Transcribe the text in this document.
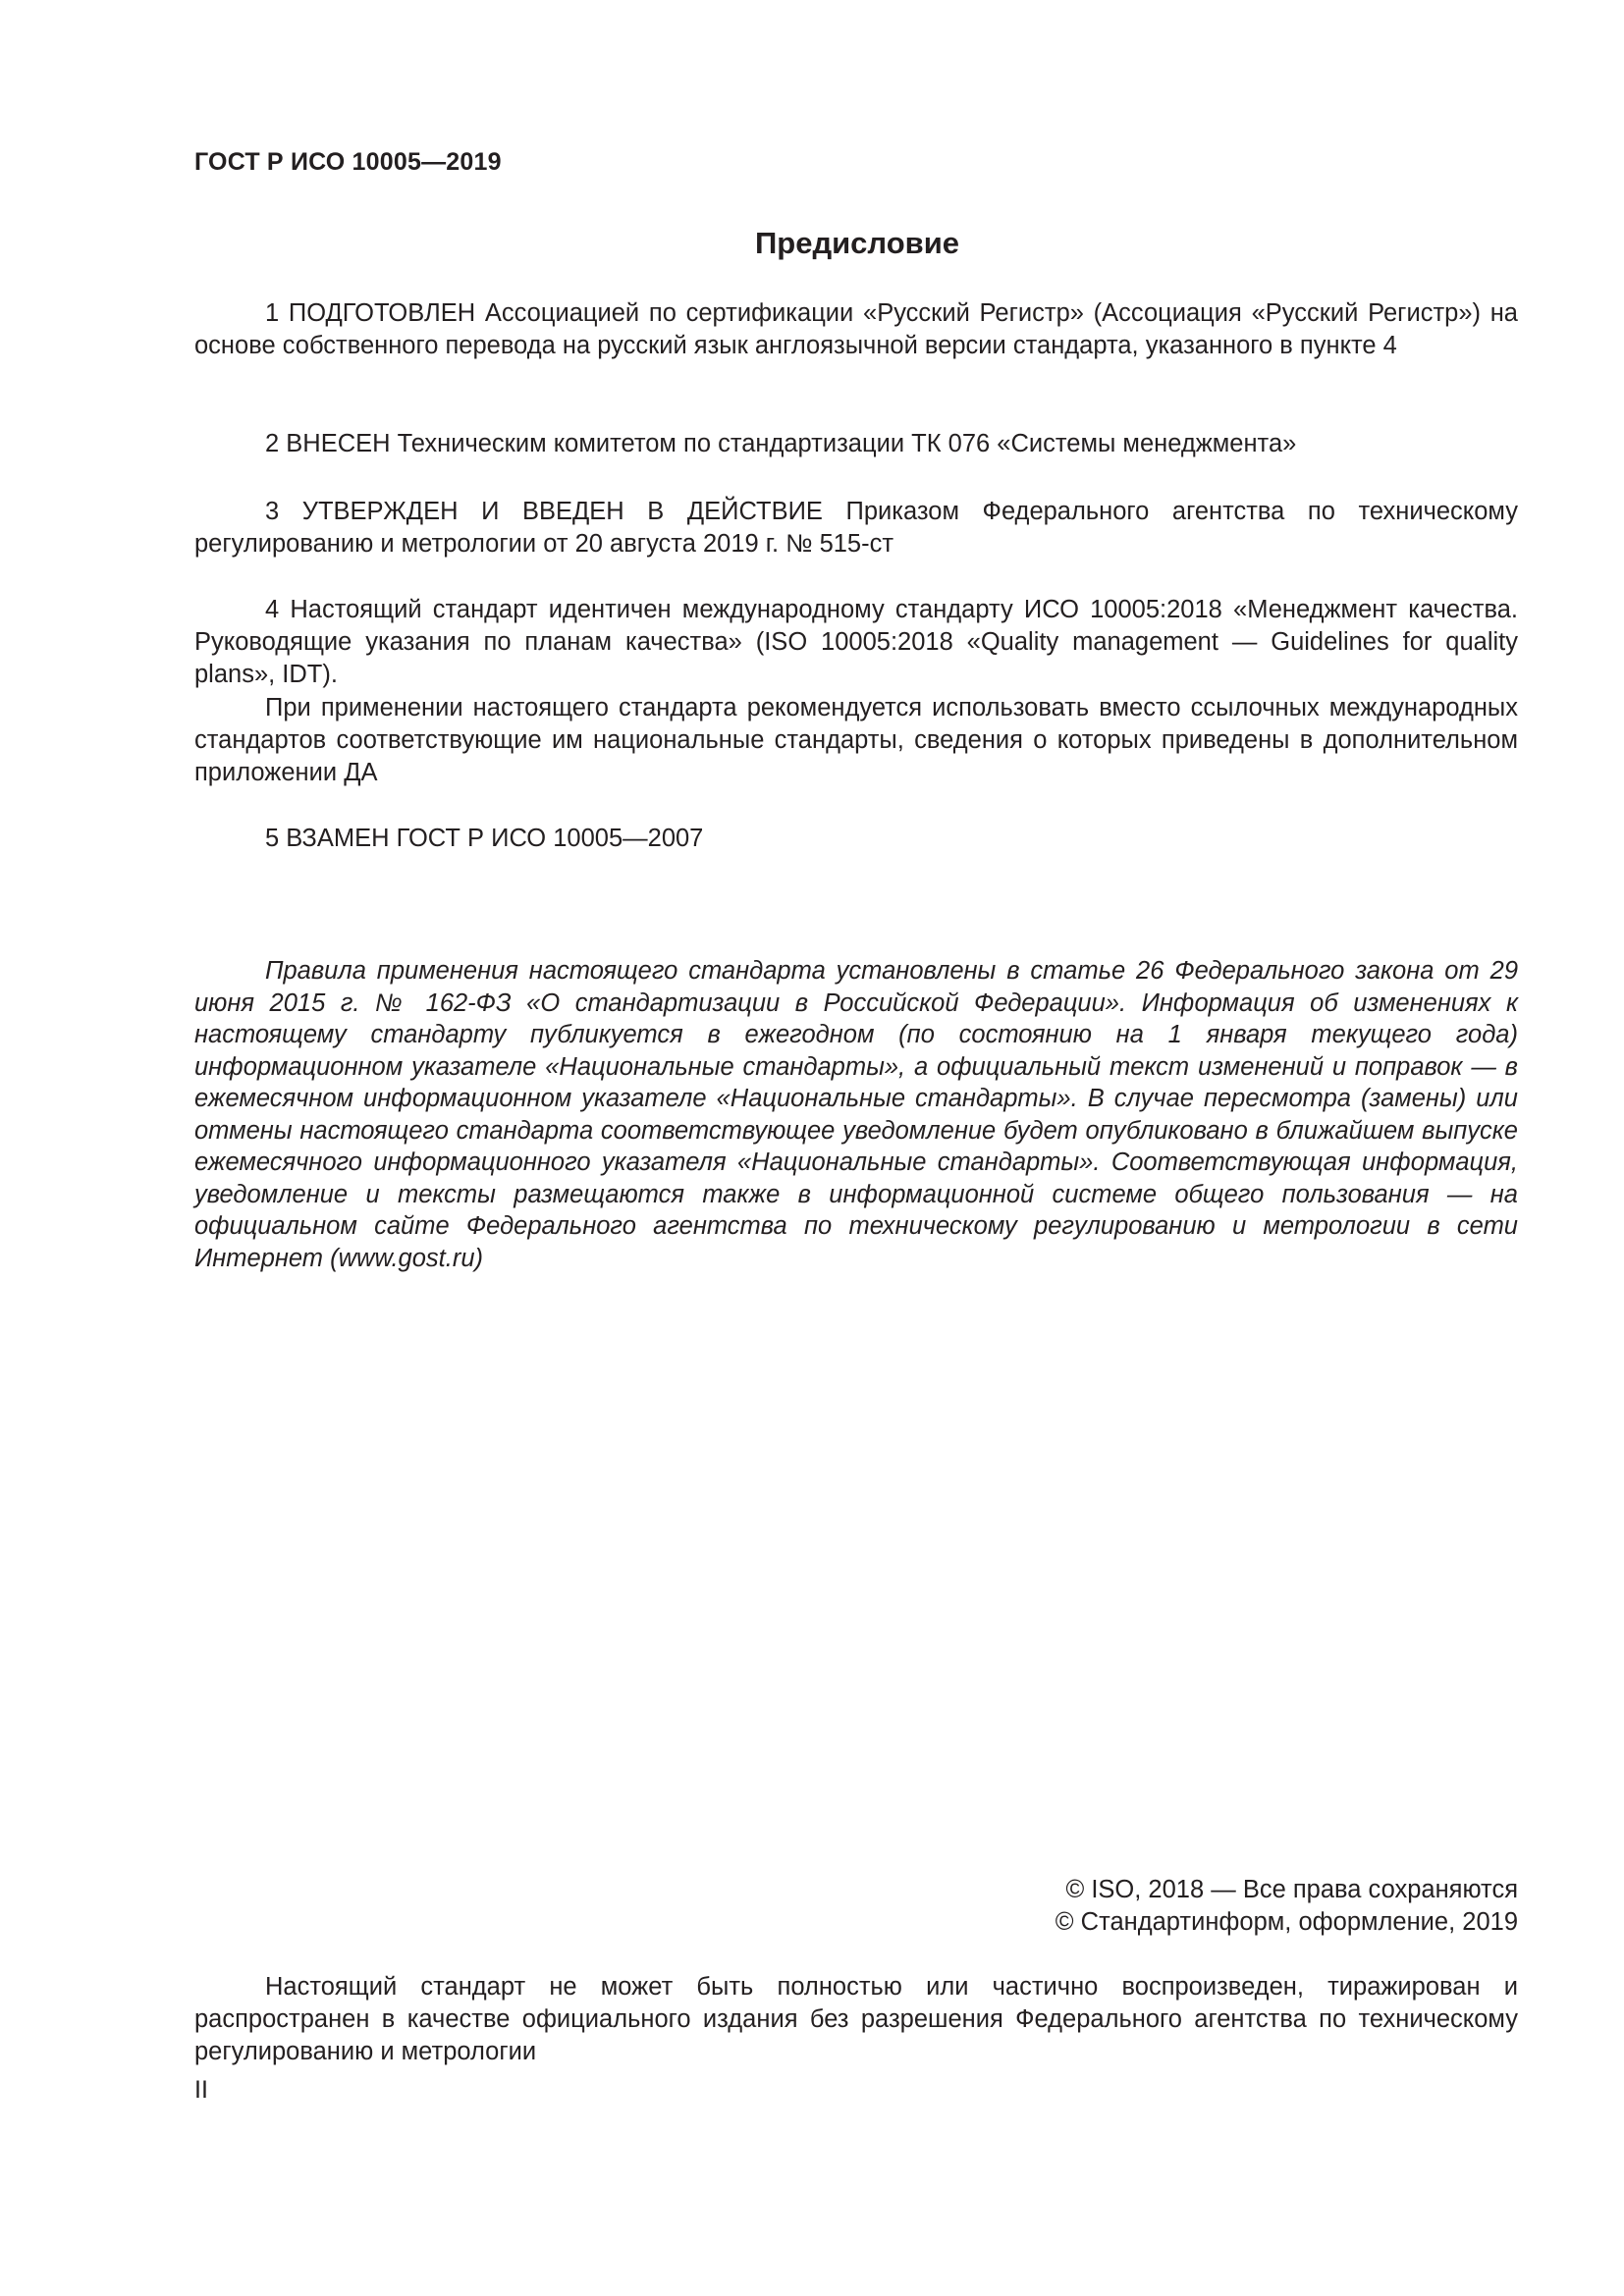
ГОСТ Р ИСО 10005—2019
Предисловие

1 ПОДГОТОВЛЕН Ассоциацией по сертификации «Русский Регистр» (Ассоциация «Русский Регистр») на основе собственного перевода на русский язык англоязычной версии стандарта, указанного в пункте 4

2 ВНЕСЕН Техническим комитетом по стандартизации ТК 076 «Системы менеджмента»

3 УТВЕРЖДЕН И ВВЕДЕН В ДЕЙСТВИЕ Приказом Федерального агентства по техническому регулированию и метрологии от 20 августа 2019 г. № 515-ст

4 Настоящий стандарт идентичен международному стандарту ИСО 10005:2018 «Менеджмент качества. Руководящие указания по планам качества» (ISO 10005:2018 «Quality management — Guidelines for quality plans», IDT).

При применении настоящего стандарта рекомендуется использовать вместо ссылочных международных стандартов соответствующие им национальные стандарты, сведения о которых приведены в дополнительном приложении ДА

5 ВЗАМЕН ГОСТ Р ИСО 10005—2007

Правила применения настоящего стандарта установлены в статье 26 Федерального закона от 29 июня 2015 г. № 162-ФЗ «О стандартизации в Российской Федерации». Информация об изменениях к настоящему стандарту публикуется в ежегодном (по состоянию на 1 января текущего года) информационном указателе «Национальные стандарты», а официальный текст изменений и поправок — в ежемесячном информационном указателе «Национальные стандарты». В случае пересмотра (замены) или отмены настоящего стандарта соответствующее уведомление будет опубликовано в ближайшем выпуске ежемесячного информационного указателя «Национальные стандарты». Соответствующая информация, уведомление и тексты размещаются также в информационной системе общего пользования — на официальном сайте Федерального агентства по техническому регулированию и метрологии в сети Интернет (www.gost.ru)

© ISO, 2018 — Все права сохраняются
© Стандартинформ, оформление, 2019

Настоящий стандарт не может быть полностью или частично воспроизведен, тиражирован и распространен в качестве официального издания без разрешения Федерального агентства по техническому регулированию и метрологии

II
